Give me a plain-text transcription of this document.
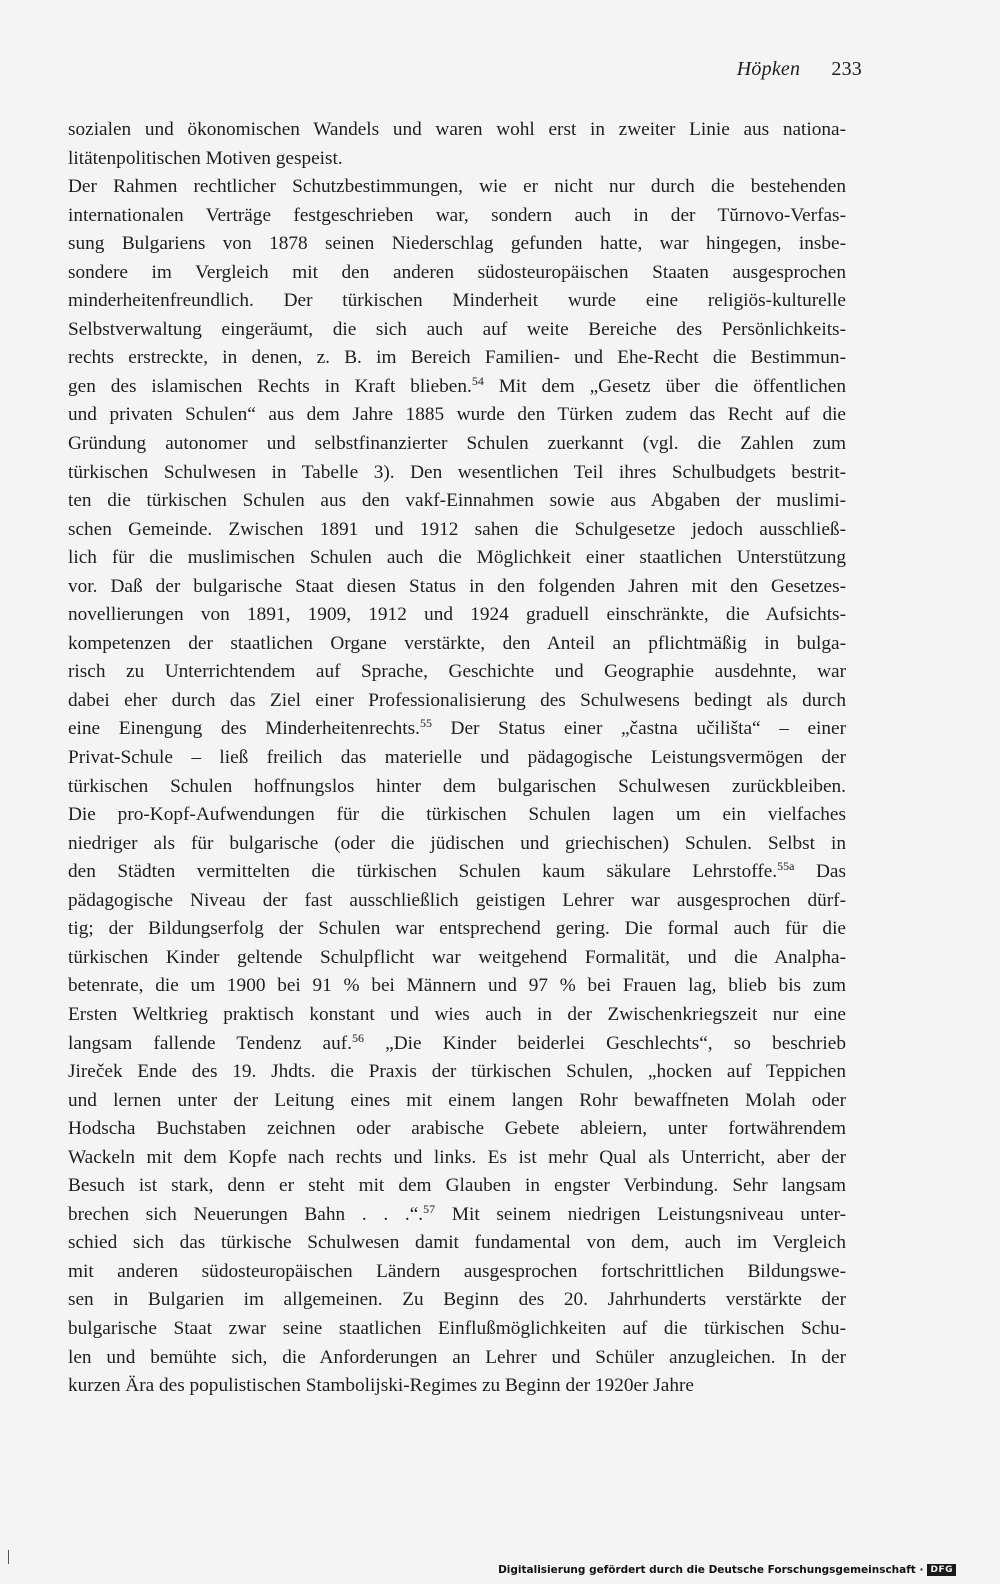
Höpken 233
sozialen und ökonomischen Wandels und waren wohl erst in zweiter Linie aus nationa-
litätenpolitischen Motiven gespeist.
Der Rahmen rechtlicher Schutzbestimmungen, wie er nicht nur durch die bestehenden
internationalen Verträge festgeschrieben war, sondern auch in der Tŭrnovo-Verfas-
sung Bulgariens von 1878 seinen Niederschlag gefunden hatte, war hingegen, insbe-
sondere im Vergleich mit den anderen südosteuropäischen Staaten ausgesprochen
minderheitenfreundlich. Der türkischen Minderheit wurde eine religiös-kulturelle
Selbstverwaltung eingeräumt, die sich auch auf weite Bereiche des Persönlichkeits-
rechts erstreckte, in denen, z. B. im Bereich Familien- und Ehe-Recht die Bestimmun-
gen des islamischen Rechts in Kraft blieben.$^{54}$ Mit dem „Gesetz über die öffentlichen
und privaten Schulen“ aus dem Jahre 1885 wurde den Türken zudem das Recht auf die
Gründung autonomer und selbstfinanzierter Schulen zuerkannt (vgl. die Zahlen zum
türkischen Schulwesen in Tabelle 3). Den wesentlichen Teil ihres Schulbudgets bestrit-
ten die türkischen Schulen aus den vakf-Einnahmen sowie aus Abgaben der muslimi-
schen Gemeinde. Zwischen 1891 und 1912 sahen die Schulgesetze jedoch ausschließ-
lich für die muslimischen Schulen auch die Möglichkeit einer staatlichen Unterstützung
vor. Daß der bulgarische Staat diesen Status in den folgenden Jahren mit den Gesetzes-
novellierungen von 1891, 1909, 1912 und 1924 graduell einschränkte, die Aufsichts-
kompetenzen der staatlichen Organe verstärkte, den Anteil an pflichtmäßig in bulga-
risch zu Unterrichtendem auf Sprache, Geschichte und Geographie ausdehnte, war
dabei eher durch das Ziel einer Professionalisierung des Schulwesens bedingt als durch
eine Einengung des Minderheitenrechts.$^{55}$ Der Status einer „častna učilišta“ – einer
Privat-Schule – ließ freilich das materielle und pädagogische Leistungsvermögen der
türkischen Schulen hoffnungslos hinter dem bulgarischen Schulwesen zurückbleiben.
Die pro-Kopf-Aufwendungen für die türkischen Schulen lagen um ein vielfaches
niedriger als für bulgarische (oder die jüdischen und griechischen) Schulen. Selbst in
den Städten vermittelten die türkischen Schulen kaum säkulare Lehrstoffe.$^{55a}$ Das
pädagogische Niveau der fast ausschließlich geistigen Lehrer war ausgesprochen dürf-
tig; der Bildungserfolg der Schulen war entsprechend gering. Die formal auch für die
türkischen Kinder geltende Schulpflicht war weitgehend Formalität, und die Analpha-
betenrate, die um 1900 bei 91 % bei Männern und 97 % bei Frauen lag, blieb bis zum
Ersten Weltkrieg praktisch konstant und wies auch in der Zwischenkriegszeit nur eine
langsam fallende Tendenz auf.$^{56}$ „Die Kinder beiderlei Geschlechts“, so beschrieb
Jireček Ende des 19. Jhdts. die Praxis der türkischen Schulen, „hocken auf Teppichen
und lernen unter der Leitung eines mit einem langen Rohr bewaffneten Molah oder
Hodscha Buchstaben zeichnen oder arabische Gebete ableiern, unter fortwährendem
Wackeln mit dem Kopfe nach rechts und links. Es ist mehr Qual als Unterricht, aber der
Besuch ist stark, denn er steht mit dem Glauben in engster Verbindung. Sehr langsam
brechen sich Neuerungen Bahn . . .“.$^{57}$ Mit seinem niedrigen Leistungsniveau unter-
schied sich das türkische Schulwesen damit fundamental von dem, auch im Vergleich
mit anderen südosteuropäischen Ländern ausgesprochen fortschrittlichen Bildungswe-
sen in Bulgarien im allgemeinen. Zu Beginn des 20. Jahrhunderts verstärkte der
bulgarische Staat zwar seine staatlichen Einflußmöglichkeiten auf die türkischen Schu-
len und bemühte sich, die Anforderungen an Lehrer und Schüler anzugleichen. In der
kurzen Ära des populistischen Stambolijski-Regimes zu Beginn der 1920er Jahre
Digitalisierung gefördert durch die Deutsche Forschungsgemeinschaft · DFG
